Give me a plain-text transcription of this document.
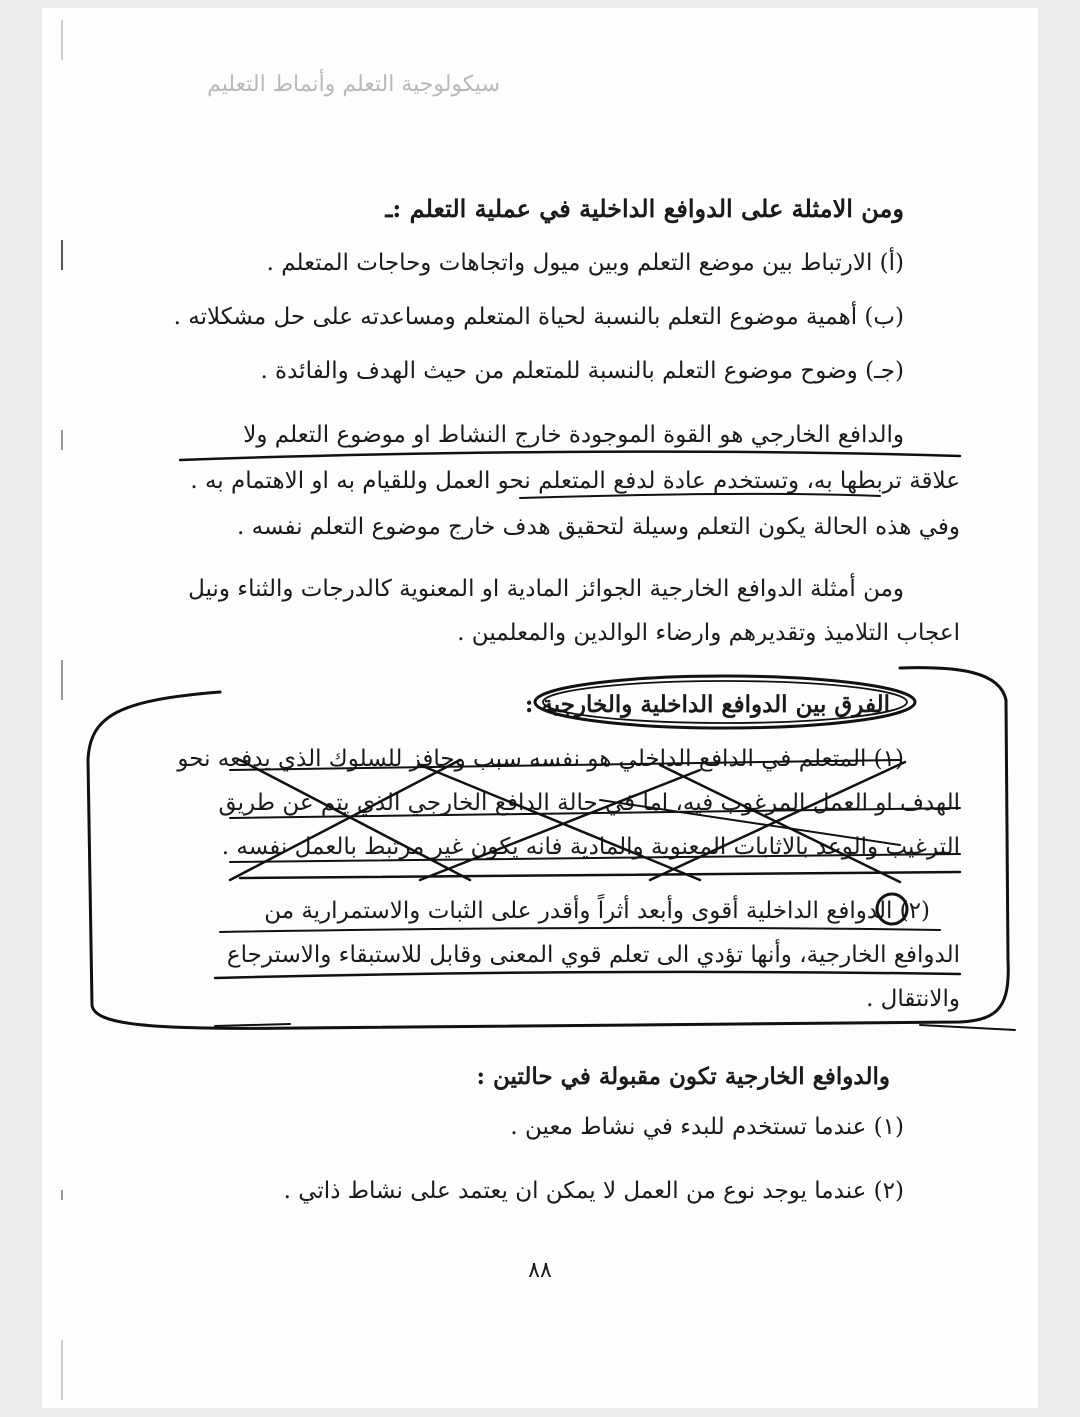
سيكولوجية التعلم وأنماط التعليم
ومن الامثلة على الدوافع الداخلية في عملية التعلم :ـ
(أ) الارتباط بين موضع التعلم وبين ميول واتجاهات وحاجات المتعلم .
(ب) أهمية موضوع التعلم بالنسبة لحياة المتعلم ومساعدته على حل مشكلاته .
(جـ) وضوح موضوع التعلم بالنسبة للمتعلم من حيث الهدف والفائدة .
والدافع الخارجي هو القوة الموجودة خارج النشاط او موضوع التعلم ولا
علاقة تربطها به، وتستخدم عادة لدفع المتعلم نحو العمل وللقيام به او الاهتمام به .
وفي هذه الحالة يكون التعلم وسيلة لتحقيق هدف خارج موضوع التعلم نفسه .
ومن أمثلة الدوافع الخارجية الجوائز المادية او المعنوية كالدرجات والثناء ونيل
اعجاب التلاميذ وتقديرهم وارضاء الوالدين والمعلمين .
الفرق بين الدوافع الداخلية والخارجية :
(١) المتعلم في الدافع الداخلي هو نفسه سبب وحافز للسلوك الذي يدفعه نحو
الهدف او العمل المرغوب فيه، اما في حالة الدافع الخارجي الذي يتم عن طريق
الترغيب والوعد بالاثابات المعنوية والمادية فانه يكون غير مرتبط بالعمل نفسه .
(٢) الدوافع الداخلية أقوى وأبعد أثراً وأقدر على الثبات والاستمرارية من
الدوافع الخارجية، وأنها تؤدي الى تعلم قوي المعنى وقابل للاستبقاء والاسترجاع
والانتقال .
والدوافع الخارجية تكون مقبولة في حالتين :
(١) عندما تستخدم للبدء في نشاط معين .
(٢) عندما يوجد نوع من العمل لا يمكن ان يعتمد على نشاط ذاتي .
٨٨
